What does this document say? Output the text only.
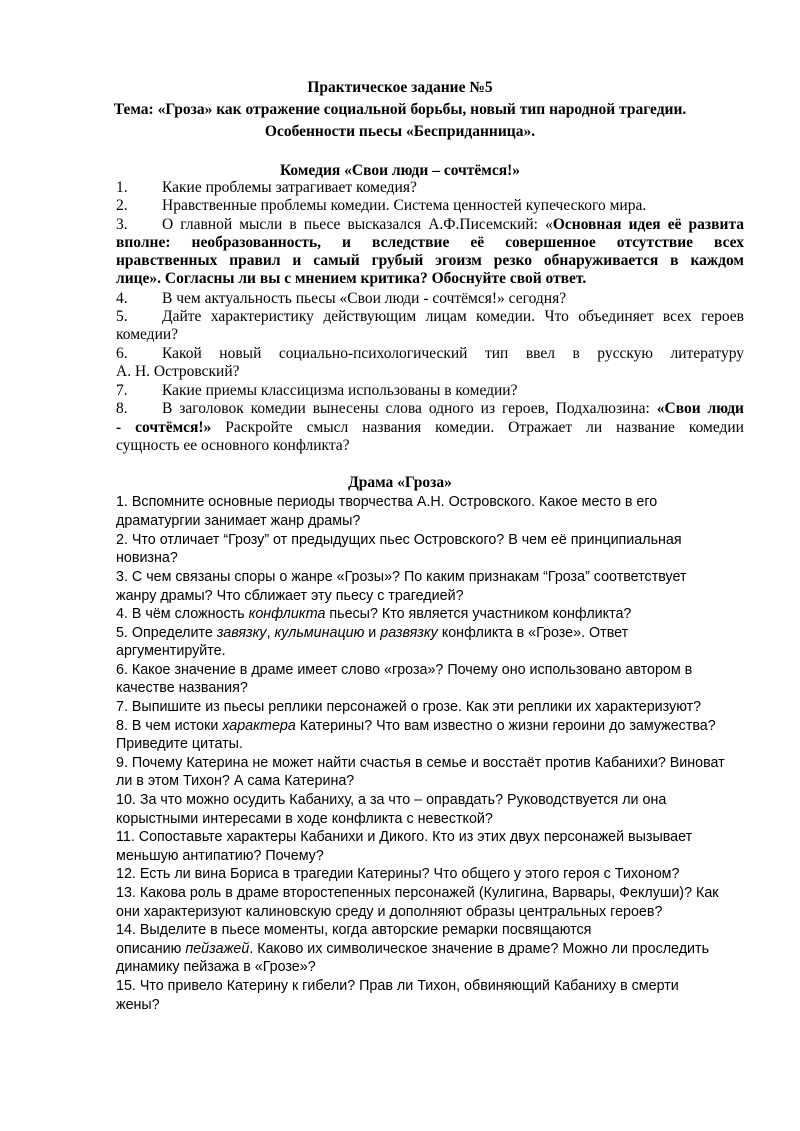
Практическое задание №5
Тема: «Гроза» как отражение социальной борьбы, новый тип народной трагедии.
Особенности пьесы «Бесприданница».
Комедия «Свои люди – сочтёмся!»
1. Какие проблемы затрагивает комедия?
2. Нравственные проблемы комедии. Система ценностей купеческого мира.
3. О главной мысли в пьесе высказался А.Ф.Писемский: «Основная идея её развита
вполне: необразованность, и вследствие её совершенное отсутствие всех
нравственных правил и самый грубый эгоизм резко обнаруживается в каждом
лице». Согласны ли вы с мнением критика? Обоснуйте свой ответ.
4. В чем актуальность пьесы «Свои люди - сочтёмся!» сегодня?
5. Дайте характеристику действующим лицам комедии. Что объединяет всех героев
комедии?
6. Какой новый социально-психологический тип ввел в русскую литературу
А. Н. Островский?
7. Какие приемы классицизма использованы в комедии?
8. В заголовок комедии вынесены слова одного из героев, Подхалюзина: «Свои люди
- сочтёмся!» Раскройте смысл названия комедии. Отражает ли название комедии
сущность ее основного конфликта?
Драма «Гроза»
1. Вспомните основные периоды творчества А.Н. Островского. Какое место в его
драматургии занимает жанр драмы?
2. Что отличает “Грозу” от предыдущих пьес Островского? В чем её принципиальная
новизна?
3. С чем связаны споры о жанре «Грозы»? По каким признакам “Гроза” соответствует
жанру драмы? Что сближает эту пьесу с трагедией?
4. В чём сложность конфликта пьесы? Кто является участником конфликта?
5. Определите завязку, кульминацию и развязку конфликта в «Грозе». Ответ
аргументируйте.
6. Какое значение в драме имеет слово «гроза»? Почему оно использовано автором в
качестве названия?
7. Выпишите из пьесы реплики персонажей о грозе. Как эти реплики их характеризуют?
8. В чем истоки характера Катерины? Что вам известно о жизни героини до замужества?
Приведите цитаты.
9. Почему Катерина не может найти счастья в семье и восстаёт против Кабанихи? Виноват
ли в этом Тихон? А сама Катерина?
10. За что можно осудить Кабаниху, а за что – оправдать? Руководствуется ли она
корыстными интересами в ходе конфликта с невесткой?
11. Сопоставьте характеры Кабанихи и Дикого. Кто из этих двух персонажей вызывает
меньшую антипатию? Почему?
12. Есть ли вина Бориса в трагедии Катерины? Что общего у этого героя с Тихоном?
13. Какова роль в драме второстепенных персонажей (Кулигина, Варвары, Феклуши)? Как
они характеризуют калиновскую среду и дополняют образы центральных героев?
14. Выделите в пьесе моменты, когда авторские ремарки посвящаются
описанию пейзажей. Каково их символическое значение в драме? Можно ли проследить
динамику пейзажа в «Грозе»?
15. Что привело Катерину к гибели? Прав ли Тихон, обвиняющий Кабаниху в смерти
жены?
